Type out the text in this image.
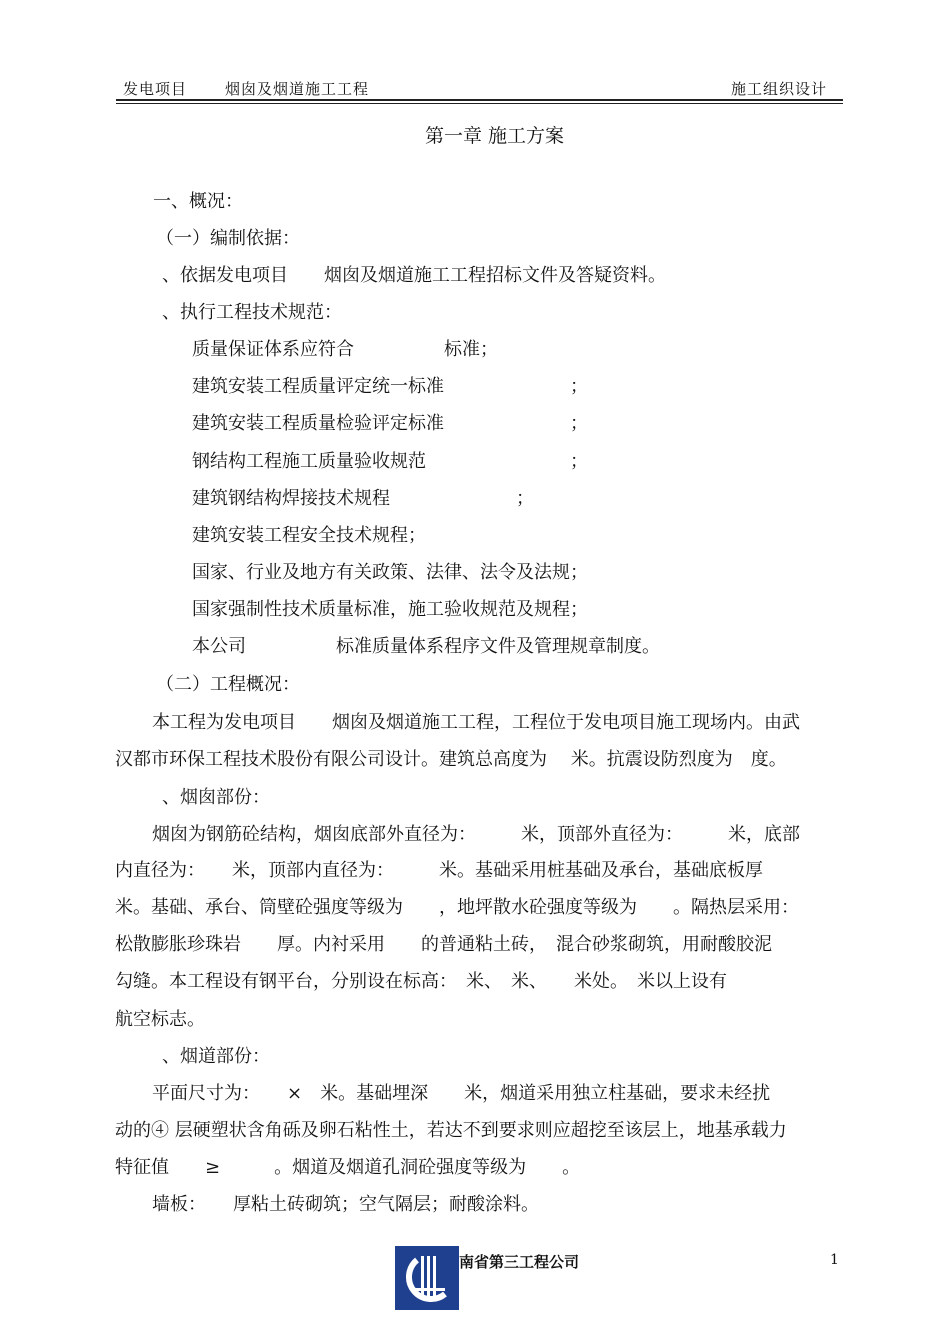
发电项目	烟囱及烟道施工工程	施工组织设计
第一章 施工方案
一、概况：
（一）编制依据：
、依据发电项目　　烟囱及烟道施工工程招标文件及答疑资料。
、执行工程技术规范：
质量保证体系应符合　　　　　标准；
建筑安装工程质量评定统一标准　　　　　　　；
建筑安装工程质量检验评定标准　　　　　　　；
钢结构工程施工质量验收规范　　　　　　　　；
建筑钢结构焊接技术规程　　　　　　　；
建筑安装工程安全技术规程；
国家、行业及地方有关政策、法律、法令及法规；
国家强制性技术质量标准，施工验收规范及规程；
本公司　　　　　标准质量体系程序文件及管理规章制度。
（二）工程概况：
本工程为发电项目　　烟囱及烟道施工工程，工程位于发电项目施工现场内。由武
汉都市环保工程技术股份有限公司设计。建筑总高度为　 米。抗震设防烈度为　度。
、烟囱部份：
烟囱为钢筋砼结构，烟囱底部外直径为：　　　米，顶部外直径为：　　　米，底部
内直径为：　　米，顶部内直径为：　　　米。基础采用桩基础及承台，基础底板厚
米。基础、承台、筒壁砼强度等级为　　，地坪散水砼强度等级为　　。隔热层采用：
松散膨胀珍珠岩　　厚。内衬采用　　的普通粘土砖，　混合砂浆砌筑，用耐酸胶泥
勾缝。本工程设有钢平台，分别设在标高：　米、　米、　　米处。　米以上设有
航空标志。
、烟道部份：
平面尺寸为：　　×　米。基础埋深　　米，烟道采用独立柱基础，要求未经扰
动的④ 层硬塑状含角砾及卵石粘性土，若达不到要求则应超挖至该层上，地基承载力
特征值　　≥　　　。烟道及烟道孔洞砼强度等级为　　。
墙板：　　厚粘土砖砌筑；空气隔层；耐酸涂料。
南省第三工程公司	1
